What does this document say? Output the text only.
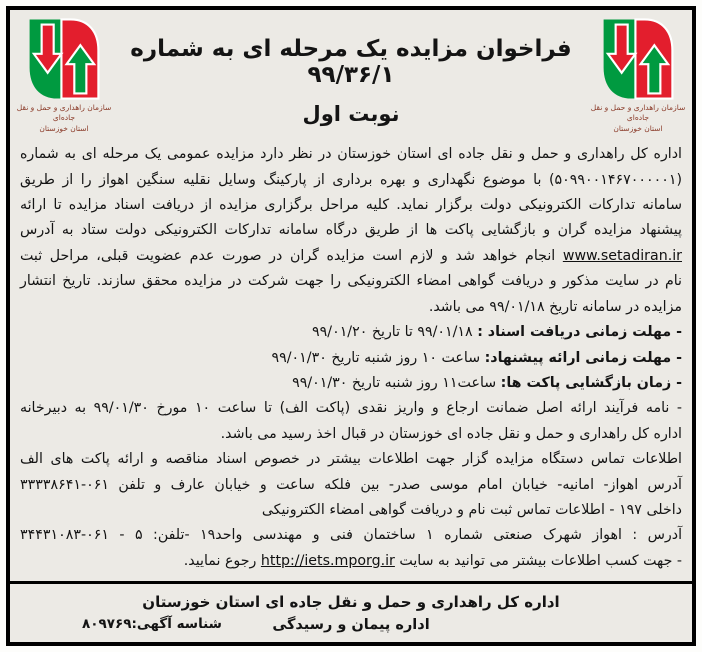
سازمان راهداری و حمل و نقل جاده‌ای
استان خوزستان
فراخوان مزایده یک مرحله ای به شماره ۹۹/۳۶/۱
نوبت اول	سازمان راهداری و حمل و نقل جاده‌ای
استان خوزستان
اداره کل راهداری و حمل و نقل جاده ای استان خوزستان در نظر دارد مزایده عمومی یک مرحله ای به شماره
(۵۰۹۹۰۰۱۴۶۷۰۰۰۰۰۱) با موضوع نگهداری و بهره برداری از پارکینگ وسایل نقلیه سنگین اهواز را از طریق
سامانه تدارکات الکترونیکی دولت برگزار نماید. کلیه مراحل برگزاری مزایده از دریافت اسناد مزایده تا ارائه
پیشنهاد مزایده گران و بازگشایی پاکت ها از طریق درگاه سامانه تدارکات الکترونیکی دولت ستاد به آدرس
www.setadiran.ir انجام خواهد شد و لازم است مزایده گران در صورت عدم عضویت قبلی، مراحل ثبت
نام در سایت مذکور و دریافت گواهی امضاء الکترونیکی را جهت شرکت در مزایده محقق سازند. تاریخ انتشار
مزایده در سامانه تاریخ ۹۹/۰۱/۱۸ می باشد.
- مهلت زمانی دریافت اسناد : ۹۹/۰۱/۱۸ تا تاریخ ۹۹/۰۱/۲۰
- مهلت زمانی ارائه پیشنهاد: ساعت ۱۰ روز شنبه تاریخ ۹۹/۰۱/۳۰
- زمان بازگشایی پاکت ها: ساعت۱۱ روز شنبه تاریخ ۹۹/۰۱/۳۰
- نامه فرآیند ارائه اصل ضمانت ارجاع و واریز نقدی (پاکت الف) تا ساعت ۱۰ مورخ ۹۹/۰۱/۳۰ به دبیرخانه
اداره کل راهداری و حمل و نقل جاده ای خوزستان در قبال اخذ رسید می باشد.
اطلاعات تماس دستگاه مزایده گزار جهت اطلاعات بیشتر در خصوص اسناد مناقصه و ارائه پاکت های الف
آدرس اهواز- امانیه- خیابان امام موسی صدر- بین فلکه ساعت و خیابان عارف و تلفن ۰۶۱-۳۳۳۳۸۶۴۱
داخلی ۱۹۷ - اطلاعات تماس ثبت نام و دریافت گواهی امضاء الکترونیکی
آدرس : اهواز شهرک صنعتی شماره ۱ ساختمان فنی و مهندسی واحد۱۹ -تلفن: ۵ - ۰۶۱-۳۴۴۳۱۰۸۳
- جهت کسب اطلاعات بیشتر می توانید به سایت http://iets.mporg.ir رجوع نمایید.
اداره کل راهداری و حمل و نقل جاده ای استان خوزستان
اداره پیمان و رسیدگی
شناسه آگهی:۸۰۹۷۶۹
